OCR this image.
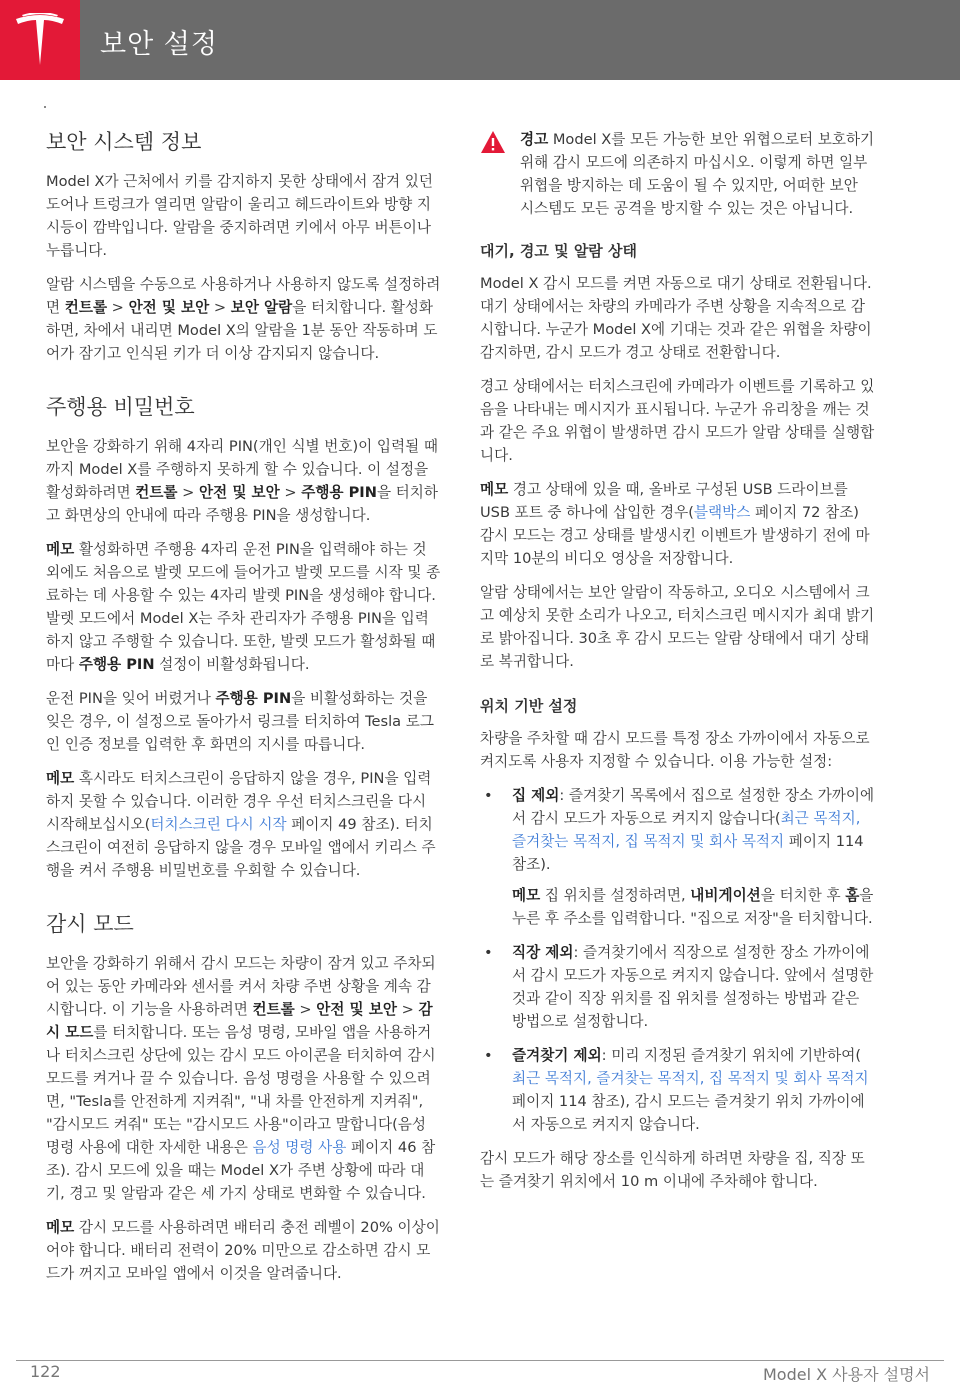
보안 설정
보안 시스템 정보

Model X가 근처에서 키를 감지하지 못한 상태에서 잠겨 있던 도어나 트렁크가 열리면 알람이 울리고 헤드라이트와 방향 지시등이 깜박입니다. 알람을 중지하려면 키에서 아무 버튼이나 누릅니다.

알람 시스템을 수동으로 사용하거나 사용하지 않도록 설정하려면 컨트롤 > 안전 및 보안 > 보안 알람을 터치합니다. 활성화하면, 차에서 내리면 Model X의 알람을 1분 동안 작동하며 도어가 잠기고 인식된 키가 더 이상 감지되지 않습니다.

주행용 비밀번호

보안을 강화하기 위해 4자리 PIN(개인 식별 번호)이 입력될 때까지 Model X를 주행하지 못하게 할 수 있습니다. 이 설정을 활성화하려면 컨트롤 > 안전 및 보안 > 주행용 PIN을 터치하고 화면상의 안내에 따라 주행용 PIN을 생성합니다.

메모 활성화하면 주행용 4자리 운전 PIN을 입력해야 하는 것 외에도 처음으로 발렛 모드에 들어가고 발렛 모드를 시작 및 종료하는 데 사용할 수 있는 4자리 발렛 PIN을 생성해야 합니다. 발렛 모드에서 Model X는 주차 관리자가 주행용 PIN을 입력하지 않고 주행할 수 있습니다. 또한, 발렛 모드가 활성화될 때마다 주행용 PIN 설정이 비활성화됩니다.

운전 PIN을 잊어 버렸거나 주행용 PIN을 비활성화하는 것을 잊은 경우, 이 설정으로 돌아가서 링크를 터치하여 Tesla 로그인 인증 정보를 입력한 후 화면의 지시를 따릅니다.

메모 혹시라도 터치스크린이 응답하지 않을 경우, PIN을 입력하지 못할 수 있습니다. 이러한 경우 우선 터치스크린을 다시 시작해보십시오(터치스크린 다시 시작 페이지 49 참조). 터치스크린이 여전히 응답하지 않을 경우 모바일 앱에서 키리스 주행을 켜서 주행용 비밀번호를 우회할 수 있습니다.

감시 모드

보안을 강화하기 위해서 감시 모드는 차량이 잠겨 있고 주차되어 있는 동안 카메라와 센서를 켜서 차량 주변 상황을 계속 감시합니다. 이 기능을 사용하려면 컨트롤 > 안전 및 보안 > 감시 모드를 터치합니다. 또는 음성 명령, 모바일 앱을 사용하거나 터치스크린 상단에 있는 감시 모드 아이콘을 터치하여 감시 모드를 켜거나 끌 수 있습니다. 음성 명령을 사용할 수 있으려면, "Tesla를 안전하게 지켜줘", "내 차를 안전하게 지켜줘", "감시모드 켜줘" 또는 "감시모드 사용"이라고 말합니다(음성 명령 사용에 대한 자세한 내용은 음성 명령 사용 페이지 46 참조). 감시 모드에 있을 때는 Model X가 주변 상황에 따라 대기, 경고 및 알람과 같은 세 가지 상태로 변화할 수 있습니다.

메모 감시 모드를 사용하려면 배터리 충전 레벨이 20% 이상이어야 합니다. 배터리 전력이 20% 미만으로 감소하면 감시 모드가 꺼지고 모바일 앱에서 이것을 알려줍니다.

경고 Model X를 모든 가능한 보안 위협으로터 보호하기 위해 감시 모드에 의존하지 마십시오. 이렇게 하면 일부 위협을 방지하는 데 도움이 될 수 있지만, 어떠한 보안 시스템도 모든 공격을 방지할 수 있는 것은 아닙니다.
대기, 경고 및 알람 상태

Model X 감시 모드를 켜면 자동으로 대기 상태로 전환됩니다. 대기 상태에서는 차량의 카메라가 주변 상황을 지속적으로 감시합니다. 누군가 Model X에 기대는 것과 같은 위협을 차량이 감지하면, 감시 모드가 경고 상태로 전환합니다.

경고 상태에서는 터치스크린에 카메라가 이벤트를 기록하고 있음을 나타내는 메시지가 표시됩니다. 누군가 유리창을 깨는 것과 같은 주요 위협이 발생하면 감시 모드가 알람 상태를 실행합니다.

메모 경고 상태에 있을 때, 올바로 구성된 USB 드라이브를 USB 포트 중 하나에 삽입한 경우(블랙박스 페이지 72 참조) 감시 모드는 경고 상태를 발생시킨 이벤트가 발생하기 전에 마지막 10분의 비디오 영상을 저장합니다.

알람 상태에서는 보안 알람이 작동하고, 오디오 시스템에서 크고 예상치 못한 소리가 나오고, 터치스크린 메시지가 최대 밝기로 밝아집니다. 30초 후 감시 모드는 알람 상태에서 대기 상태로 복귀합니다.

위치 기반 설정

차량을 주차할 때 감시 모드를 특정 장소 가까이에서 자동으로 켜지도록 사용자 지정할 수 있습니다. 이용 가능한 설정:

• 집 제외: 즐겨찾기 목록에서 집으로 설정한 장소 가까이에서 감시 모드가 자동으로 켜지지 않습니다(최근 목적지, 즐겨찾는 목적지, 집 목적지 및 회사 목적지 페이지 114 참조).
메모 집 위치를 설정하려면, 내비게이션을 터치한 후 홈을 누른 후 주소를 입력합니다. "집으로 저장"을 터치합니다.
• 직장 제외: 즐겨찾기에서 직장으로 설정한 장소 가까이에서 감시 모드가 자동으로 켜지지 않습니다. 앞에서 설명한 것과 같이 직장 위치를 집 위치를 설정하는 방법과 같은 방법으로 설정합니다.
• 즐겨찾기 제외: 미리 지정된 즐겨찾기 위치에 기반하여( 최근 목적지, 즐겨찾는 목적지, 집 목적지 및 회사 목적지 페이지 114 참조), 감시 모드는 즐겨찾기 위치 가까이에서 자동으로 켜지지 않습니다.

감시 모드가 해당 장소를 인식하게 하려면 차량을 집, 직장 또는 즐겨찾기 위치에서 10 m 이내에 주차해야 합니다.

122	Model X 사용자 설명서
